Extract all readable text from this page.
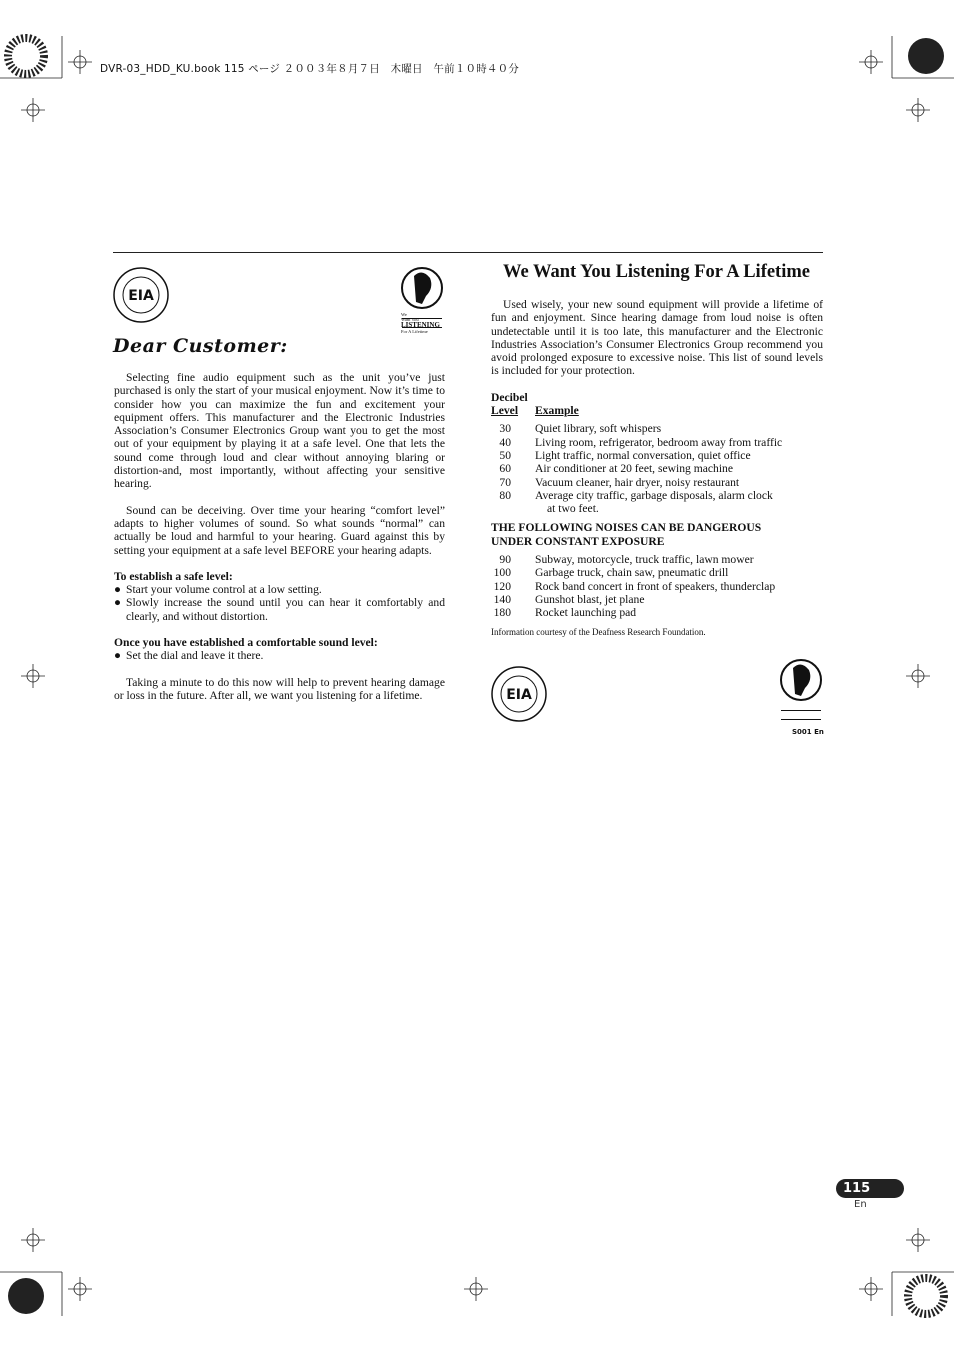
DVR-03_HDD_KU.book 115 ページ ２００３年８月７日　木曜日　午前１０時４０分
EIA
We
Want You
LISTENING
For A Lifetime
Dear Customer:

Selecting fine audio equipment such as the unit you’ve just purchased is only the start of your musical enjoyment. Now it’s time to consider how you can maximize the fun and excitement your equipment offers. This manufacturer and the Electronic Industries Association’s Consumer Electronics Group want you to get the most out of your equipment by playing it at a safe level. One that lets the sound come through loud and clear without annoying blaring or distortion-and, most importantly, without affecting your sensitive hearing.

Sound can be deceiving. Over time your hearing “comfort level” adapts to higher volumes of sound. So what sounds “normal” can actually be loud and harmful to your hearing. Guard against this by setting your equipment at a safe level BEFORE your hearing adapts.

To establish a safe level:

● Start your volume control at a low setting.
● Slowly increase the sound until you can hear it comfortably and clearly, and without distortion.

Once you have established a comfortable sound level:

● Set the dial and leave it there.

Taking a minute to do this now will help to prevent hearing damage or loss in the future. After all, we want you listening for a lifetime.

We Want You Listening For A Lifetime

Used wisely, your new sound equipment will provide a lifetime of fun and enjoyment. Since hearing damage from loud noise is often undetectable until it is too late, this manufacturer and the Electronic Industries Association’s Consumer Electronics Group recommend you avoid prolonged exposure to excessive noise. This list of sound levels is included for your protection.

Decibel
Level	Example
30	Quiet library, soft whispers
40	Living room, refrigerator, bedroom away from traffic
50	Light traffic, normal conversation, quiet office
60	Air conditioner at 20 feet, sewing machine
70	Vacuum cleaner, hair dryer, noisy restaurant
80	Average city traffic, garbage disposals, alarm clock
at two feet.
THE FOLLOWING NOISES CAN BE DANGEROUS
UNDER CONSTANT EXPOSURE
90	Subway, motorcycle, truck traffic, lawn mower
100	Garbage truck, chain saw, pneumatic drill
120	Rock band concert in front of speakers, thunderclap
140	Gunshot blast, jet plane
180	Rocket launching pad
Information courtesy of the Deafness Research Foundation.
EIA
S001 En
115
En
